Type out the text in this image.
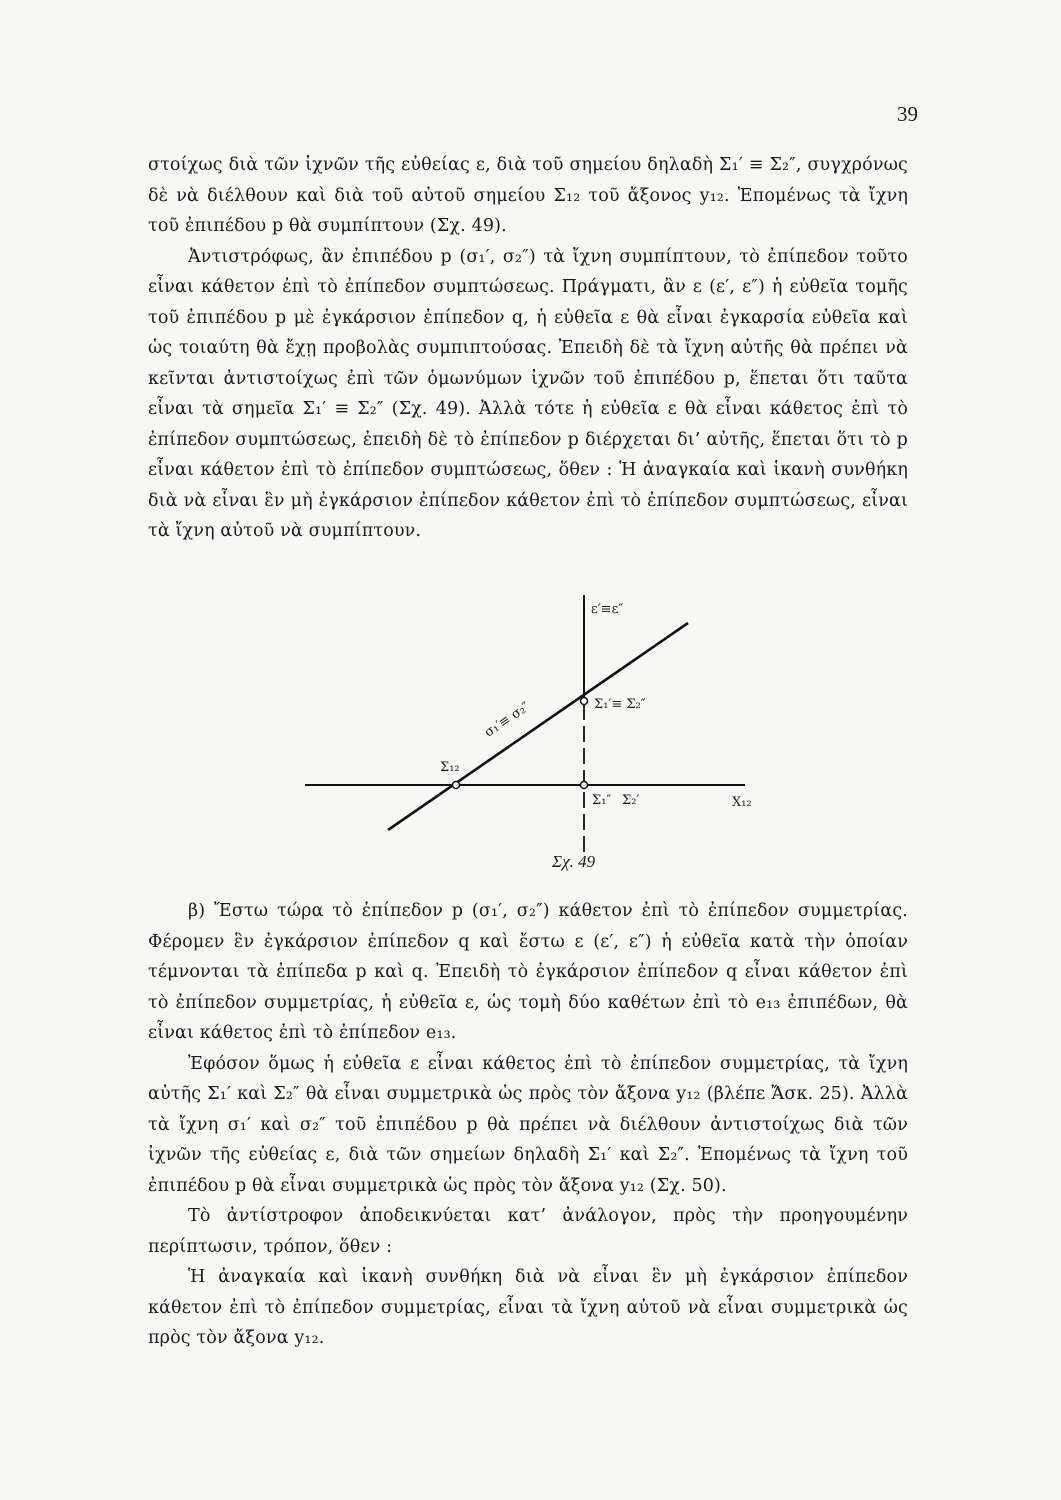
39

στοίχως διὰ τῶν ἰχνῶν τῆς εὐθείας ε, διὰ τοῦ σημείου δηλαδὴ Σ₁′ ≡ Σ₂″, συγχρόνως δὲ νὰ διέλθουν καὶ διὰ τοῦ αὐτοῦ σημείου Σ₁₂ τοῦ ἄξονος y₁₂. Ἑπομένως τὰ ἴχνη τοῦ ἐπιπέδου p θὰ συμπίπτουν (Σχ. 49).

Ἀντιστρόφως, ἂν ἐπιπέδου p (σ₁′, σ₂″) τὰ ἴχνη συμπίπτουν, τὸ ἐπίπεδον τοῦτο εἶναι κάθετον ἐπὶ τὸ ἐπίπεδον συμπτώσεως. Πράγματι, ἂν ε (ε′, ε″) ἡ εὐθεῖα τομῆς τοῦ ἐπιπέδου p μὲ ἐγκάρσιον ἐπίπεδον q, ἡ εὐθεῖα ε θὰ εἶναι ἐγκαρσία εὐθεῖα καὶ ὡς τοιαύτη θὰ ἔχῃ προβολὰς συμπιπτούσας. Ἐπειδὴ δὲ τὰ ἴχνη αὐτῆς θὰ πρέπει νὰ κεῖνται ἀντιστοίχως ἐπὶ τῶν ὁμωνύμων ἰχνῶν τοῦ ἐπιπέδου p, ἕπεται ὅτι ταῦτα εἶναι τὰ σημεῖα Σ₁′ ≡ Σ₂″ (Σχ. 49). Ἀλλὰ τότε ἡ εὐθεῖα ε θὰ εἶναι κάθετος ἐπὶ τὸ ἐπίπεδον συμπτώσεως, ἐπειδὴ δὲ τὸ ἐπίπεδον p διέρχεται δι’ αὐτῆς, ἕπεται ὅτι τὸ p εἶναι κάθετον ἐπὶ τὸ ἐπίπεδον συμπτώσεως, ὅθεν : Ἡ ἀναγκαία καὶ ἱκανὴ συνθήκη διὰ νὰ εἶναι ἓν μὴ ἐγκάρσιον ἐπίπεδον κάθετον ἐπὶ τὸ ἐπίπεδον συμπτώσεως, εἶναι τὰ ἴχνη αὐτοῦ νὰ συμπίπτουν.

ε′≡ε″
Σ₁′≡ Σ₂″
σ₁′≡ σ₂″
Σ₁₂
Σ₁″ Σ₂′	Χ₁₂
Σχ. 49

β) Ἔστω τώρα τὸ ἐπίπεδον p (σ₁′, σ₂″) κάθετον ἐπὶ τὸ ἐπίπεδον συμμετρίας. Φέρομεν ἓν ἐγκάρσιον ἐπίπεδον q καὶ ἔστω ε (ε′, ε″) ἡ εὐθεῖα κατὰ τὴν ὁποίαν τέμνονται τὰ ἐπίπεδα p καὶ q. Ἐπειδὴ τὸ ἐγκάρσιον ἐπίπεδον q εἶναι κάθετον ἐπὶ τὸ ἐπίπεδον συμμετρίας, ἡ εὐθεῖα ε, ὡς τομὴ δύο καθέτων ἐπὶ τὸ e₁₃ ἐπιπέδων, θὰ εἶναι κάθετος ἐπὶ τὸ ἐπίπεδον e₁₃.

Ἐφόσον ὅμως ἡ εὐθεῖα ε εἶναι κάθετος ἐπὶ τὸ ἐπίπεδον συμμετρίας, τὰ ἴχνη αὐτῆς Σ₁′ καὶ Σ₂″ θὰ εἶναι συμμετρικὰ ὡς πρὸς τὸν ἄξονα y₁₂ (βλέπε Ἄσκ. 25). Ἀλλὰ τὰ ἴχνη σ₁′ καὶ σ₂″ τοῦ ἐπιπέδου p θὰ πρέπει νὰ διέλθουν ἀντιστοίχως διὰ τῶν ἰχνῶν τῆς εὐθείας ε, διὰ τῶν σημείων δηλαδὴ Σ₁′ καὶ Σ₂″. Ἑπομένως τὰ ἴχνη τοῦ ἐπιπέδου p θὰ εἶναι συμμετρικὰ ὡς πρὸς τὸν ἄξονα y₁₂ (Σχ. 50).

Τὸ ἀντίστροφον ἀποδεικνύεται κατ’ ἀνάλογον, πρὸς τὴν προηγουμένην περίπτωσιν, τρόπον, ὅθεν :

Ἡ ἀναγκαία καὶ ἱκανὴ συνθήκη διὰ νὰ εἶναι ἓν μὴ ἐγκάρσιον ἐπίπεδον κάθετον ἐπὶ τὸ ἐπίπεδον συμμετρίας, εἶναι τὰ ἴχνη αὐτοῦ νὰ εἶναι συμμετρικὰ ὡς πρὸς τὸν ἄξονα y₁₂.
